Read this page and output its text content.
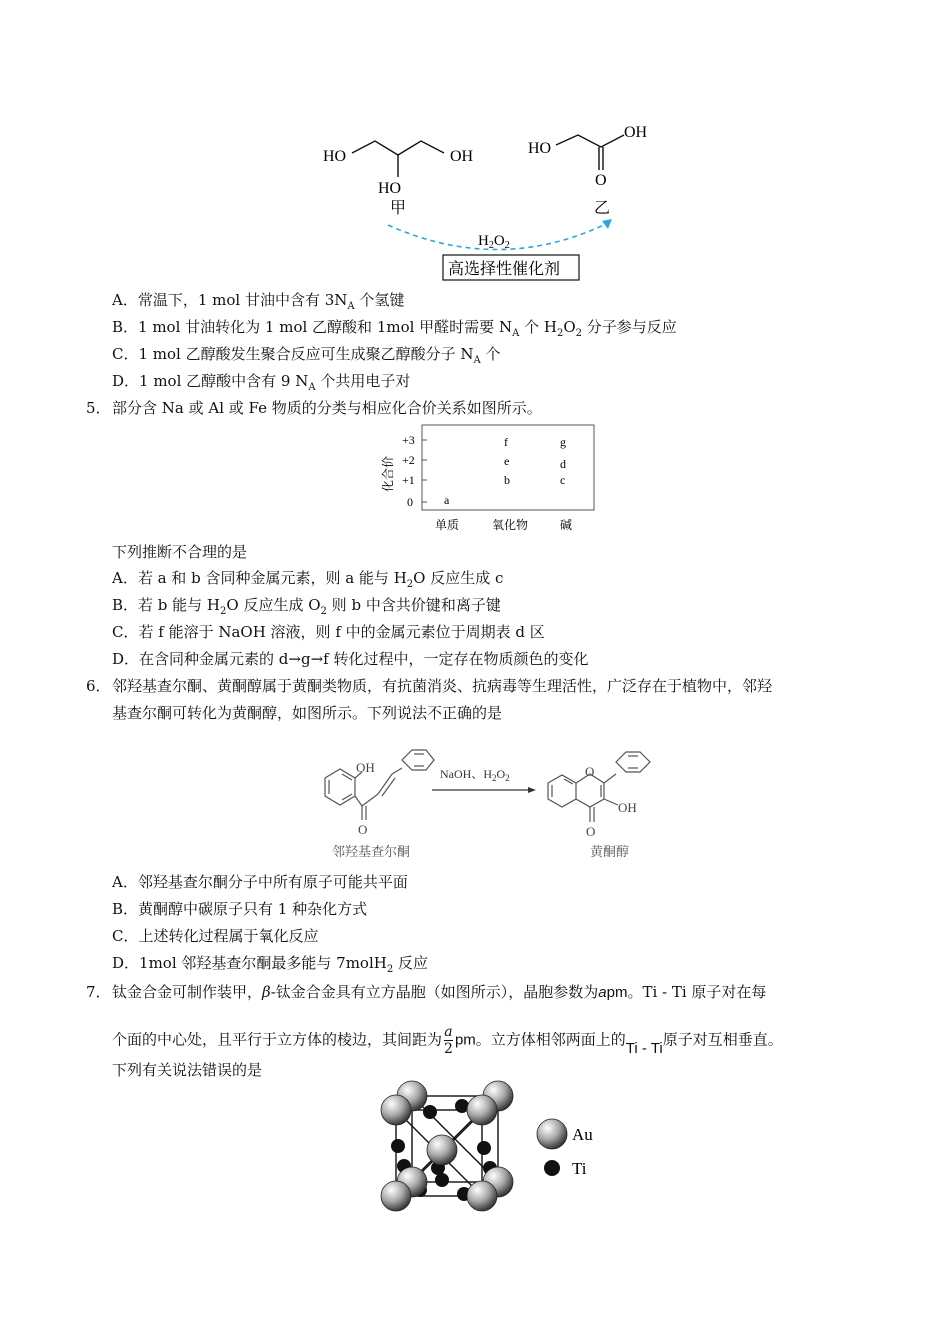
HO	OH
HO
甲
HO
OH
O
乙
$H_2O_2$
高选择性催化剂
A．常温下，1 mol 甘油中含有 $3N_A$ 个氢键
B．1 mol 甘油转化为 1 mol 乙醇酸和 1mol 甲醛时需要 $N_A$ 个 $H_2O_2$ 分子参与反应
C．1 mol 乙醇酸发生聚合反应可生成聚乙醇酸分子 $N_A$ 个
D．1 mol 乙醇酸中含有 9 $N_A$ 个共用电子对
5． 部分含 Na 或 Al 或 Fe 物质的分类与相应化合价关系如图所示。
化合价
+3
+2
+1
0
单质	氧化物	碱
a
b
e
f
c
d
g
下列推断不合理的是
A．若 a 和 b 含同种金属元素，则 a 能与 $H_2O$ 反应生成 c
B．若 b 能与 $H_2O$ 反应生成 $O_2$ 则 b 中含共价键和离子键
C．若 f 能溶于 NaOH 溶液，则 f 中的金属元素位于周期表 d 区
D．在含同种金属元素的 d→g→f 转化过程中，一定存在物质颜色的变化
6． 邻羟基查尔酮、黄酮醇属于黄酮类物质，有抗菌消炎、抗病毒等生理活性，广泛存在于植物中，邻羟
基查尔酮可转化为黄酮醇，如图所示。下列说法不正确的是
OH
O
NaOH、$H_2O_2$	O
OH
O
邻羟基查尔酮	黄酮醇
A．邻羟基查尔酮分子中所有原子可能共平面
B．黄酮醇中碳原子只有 1 种杂化方式
C．上述转化过程属于氧化反应
D．1mol 邻羟基查尔酮最多能与 7molH$_2$ 反应
7． 钛金合金可制作装甲，β-钛金合金具有立方晶胞（如图所示），晶胞参数为apm。Ti - Ti 原子对在每
个面的中心处，且平行于立方体的棱边，其间距为 $\frac{a}{2}$ pm。立方体相邻两面上的Ti - Ti原子对互相垂直。
下列有关说法错误的是
Au
Ti
